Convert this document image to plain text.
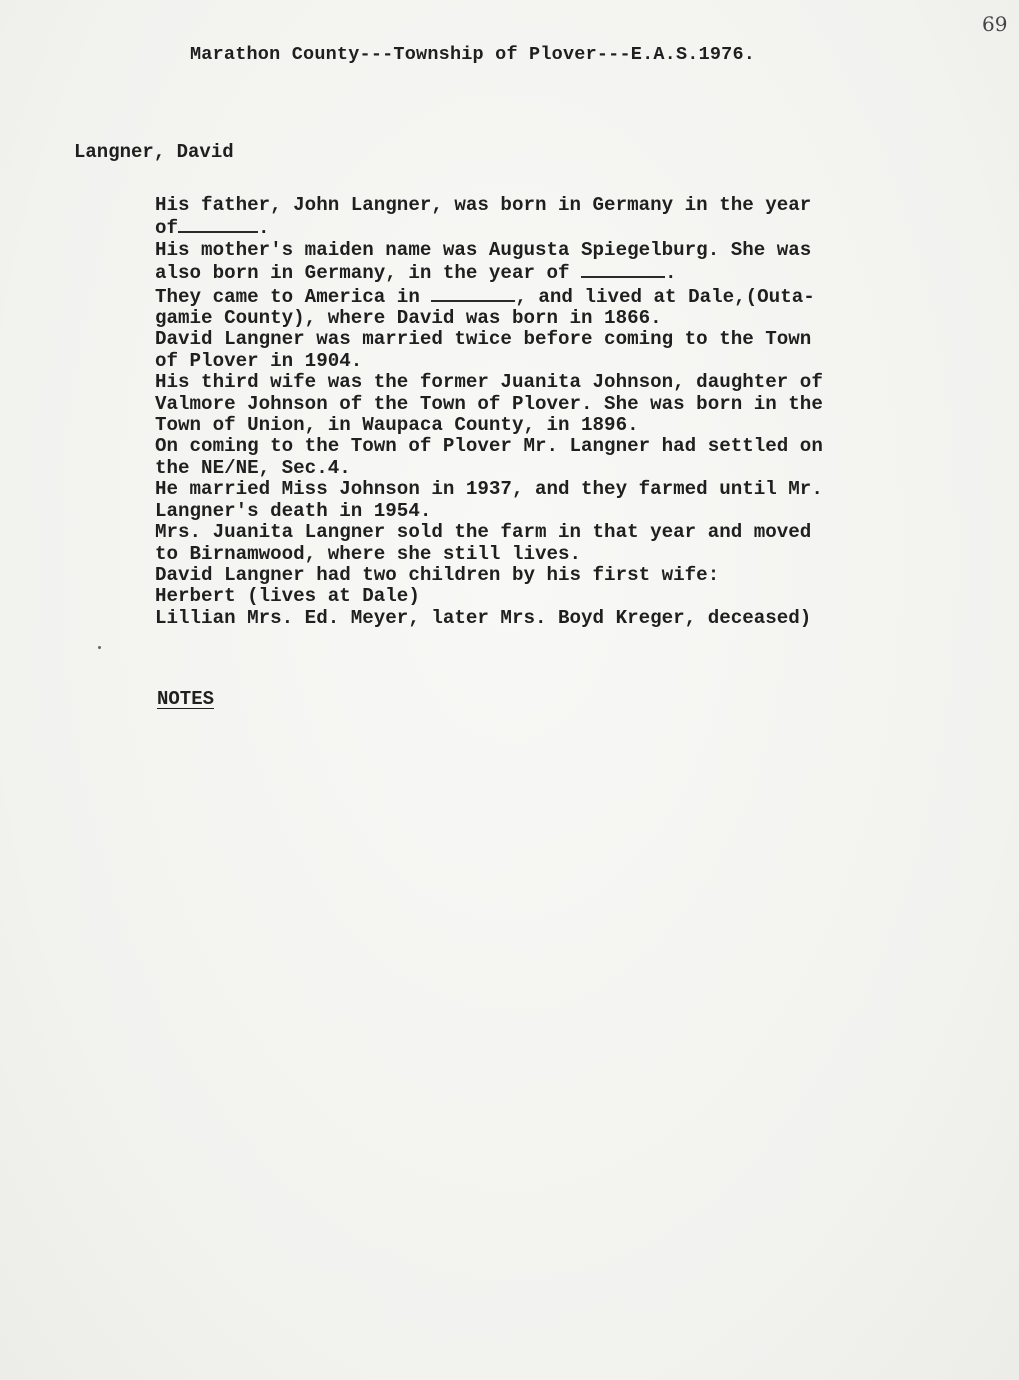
69
Marathon County---Township of Plover---E.A.S.1976.
Langner, David
His father, John Langner, was born in Germany in the year
of	.
His mother's maiden name was Augusta Spiegelburg. She was
also born in Germany, in the year of	.
They came to America in	, and lived at Dale,(Outa-
gamie County), where David was born in 1866.
David Langner was married twice before coming to the Town
of Plover in 1904.
His third wife was the former Juanita Johnson, daughter of
Valmore Johnson of the Town of Plover. She was born in the
Town of Union, in Waupaca County, in 1896.
On coming to the Town of Plover Mr. Langner had settled on
the NE/NE, Sec.4.
He married Miss Johnson in 1937, and they farmed until Mr.
Langner's death in 1954.
Mrs. Juanita Langner sold the farm in that year and moved
to Birnamwood, where she still lives.
David Langner had two children by his first wife:
Herbert (lives at Dale)
Lillian Mrs. Ed. Meyer, later Mrs. Boyd Kreger, deceased)
NOTES
